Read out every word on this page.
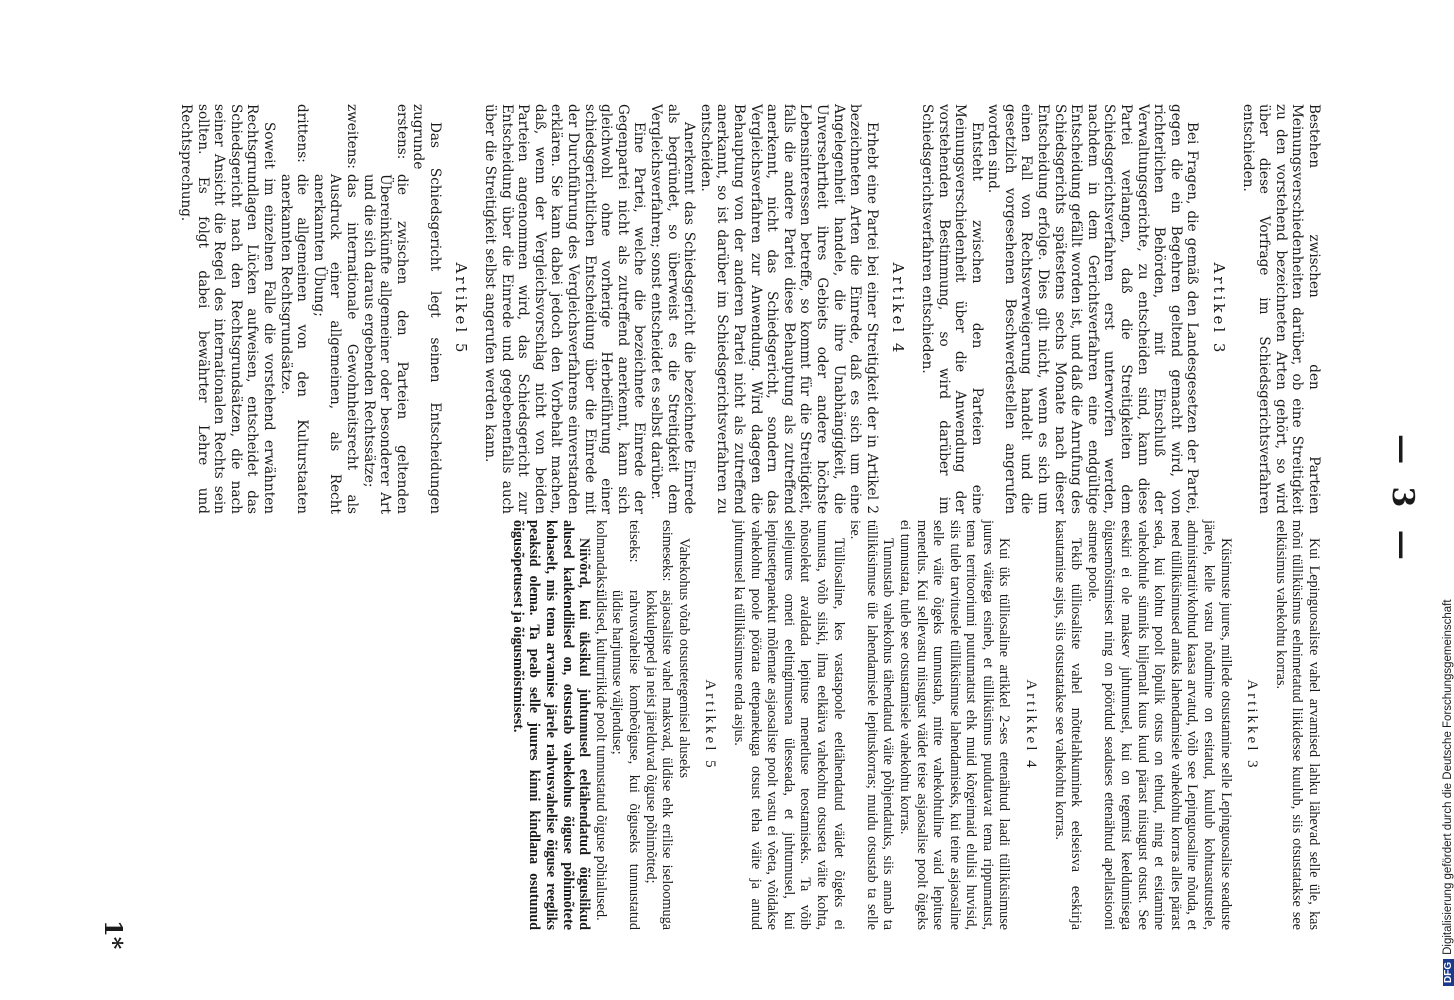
— 3 —

Bestehen zwischen den Parteien Meinungsverschiedenheiten darüber, ob eine Streitigkeit zu den vorstehend bezeichneten Arten gehört, so wird über diese Vorfrage im Schiedsgerichtsverfahren entschieden.

Artikel 3

Bei Fragen, die gemäß den Landesgesetzen der Partei, gegen die ein Begehren geltend gemacht wird, von richterlichen Behörden, mit Einschluß der Verwaltungsgerichte, zu entscheiden sind, kann diese Partei verlangen, daß die Streitigkeiten dem Schiedsgerichtsverfahren erst unterworfen werden, nachdem in dem Gerichtsverfahren eine endgültige Entscheidung gefällt worden ist, und daß die Anrufung des Schiedsgerichts spätestens sechs Monate nach dieser Entscheidung erfolge. Dies gilt nicht, wenn es sich um einen Fall von Rechtsverweigerung handelt und die gesetzlich vorgesehenen Beschwerdestellen angerufen worden sind.

Entsteht zwischen den Parteien eine Meinungsverschiedenheit über die Anwendung der vorstehenden Bestimmung, so wird darüber im Schiedsgerichtsverfahren entschieden.

Artikel 4

Erhebt eine Partei bei einer Streitigkeit der in Artikel 2 bezeichneten Arten die Einrede, daß es sich um eine Angelegenheit handele, die ihre Unabhängigkeit, die Unversehrtheit ihres Gebiets oder andere höchste Lebensinteressen betreffe, so kommt für die Streitigkeit, falls die andere Partei diese Behauptung als zutreffend anerkennt, nicht das Schiedsgericht, sondern das Vergleichsverfahren zur Anwendung. Wird dagegen die Behauptung von der anderen Partei nicht als zutreffend anerkannt, so ist darüber im Schiedsgerichtsverfahren zu entscheiden.

Anerkennt das Schiedsgericht die bezeichnete Einrede als begründet, so überweist es die Streitigkeit dem Vergleichsverfahren; sonst entscheidet es selbst darüber.

Eine Partei, welche die bezeichnete Einrede der Gegenpartei nicht als zutreffend anerkennt, kann sich gleichwohl ohne vorherige Herbeiführung einer schiedsgerichtlichen Entscheidung über die Einrede mit der Durchführung des Vergleichsverfahrens einverstanden erklären. Sie kann dabei jedoch den Vorbehalt machen, daß, wenn der Vergleichsvorschlag nicht von beiden Parteien angenommen wird, das Schiedsgericht zur Entscheidung über die Einrede und gegebenenfalls auch über die Streitigkeit selbst angerufen werden kann.

Artikel 5

Das Schiedsgericht legt seinen Entscheidungen zugrunde

erstens:die zwischen den Parteien geltenden Übereinkünfte allgemeiner oder besonderer Art und die sich daraus ergebenden Rechtssätze;

zweitens:das internationale Gewohnheitsrecht als Ausdruck einer allgemeinen, als Recht anerkannten Übung;

drittens:die allgemeinen von den Kulturstaaten anerkannten Rechtsgrundsätze.

Soweit im einzelnen Falle die vorstehend erwähnten Rechtsgrundlagen Lücken aufweisen, entscheidet das Schiedsgericht nach den Rechtsgrundsätzen, die nach seiner Ansicht die Regel des internationalen Rechts sein sollten. Es folgt dabei bewährter Lehre und Rechtsprechung.

Kui Lepinguosaliste vahel arvamised lahku lähevad selle üle, kas mõni tülliküsimus eelnimetatud liikidesse kuulub, siis otsustatakse see eelküsimus vahekohtu korras.

Artikkel 3

Küsimuste juures, millede otsustamine selle Lepinguosalise seaduste järele, kelle vastu nõudmine on esitatud, kuulub kohtuasutustele, administratiivkohtud kaasa arvatud, võib see Lepinguosaline nõuda, et need tülliküsimused antaks lahendamisele vahekohtu korras alles pärast seda, kui kohtu poolt lõpulik otsus on tehtud, ning et esitamine vahekohtule sünniks hiljemalt kuus kuud pärast niisugust otsust. See eeskiri ei ole maksev juhtumusel, kui on tegemist keeldumisega õigusemõistmisest ning on pöördud seaduses ettenähtud apellatsiooni astmete poole.

Tekib tülliosaliste vahel mõttelahkuminek eelseisva eeskirja kasutamise asjus, siis otsustatakse see vahekohtu korras.

Artikkel 4

Kui üks tülliosaline artikkel 2-ses ettenähtud laadi tülliküsimuse juures väitega esineb, et tülliküsimus puudutavat tema rippumatust, tema territooriumi puutumatust ehk muid kõrgeimaid elulisi huvisid, siis tuleb tarvitusele tülliküsimuse lahendamiseks, kui teine asjaosaline selle väite õigeks tunnustab, mitte vahekohtuline vaid lepituse menetlus. Kui sellevastu niisugust väidet teise asjaosalise poolt õigeks ei tunnustata, tuleb see otsustamisele vahekohtu korras.

Tunnustab vahekohus tähendatud väite põhjendatuks, siis annab ta tülliküsimuse üle lahendamisele lepituskorras; muidu otsustab ta selle ise.

Tülliosaline, kes vastaspoole eeltähendatud väidet õigeks ei tunnusta, võib siiski, ilma eelkäiva vahekohtu otsuseta väite kohta, nõusolekut avaldada lepituse menetluse teostamiseks. Ta võib sellejuures ometi eeltingimusena ülesseada, et juhtumusel, kui lepitusettepanekut mõlemate asjaosaliste poolt vastu ei võeta, võidakse vahekohtu poole pöörata ettepanekuga otsust teha väite ja antud juhtumusel ka tülliküsimuse enda asjus.

Artikkel 5

Vahekohus võtab otsustetegemisel aluseks

esimeseks:asjaosaliste vahel maksvad, üldise ehk erilise iseloomuga kokkulepped ja neist järelduvad õiguse põhimõtted;

teiseks:rahvusvahelise kombeõiguse, kui õiguseks tunnustatud üldise harjumuse väljenduse;

kolmandaks:üldised, kulturriikide poolt tunnustatud õiguse põhialused.

Niivõrd, kui üksikul juhtumusel eeltähendatud õiguslikud alused katkendilised on, otsustab vahekohus õiguse põhimõtete kohaselt, mis tema arvamise järele rahvusvahelise õiguse reegliks peaksid olema. Ta peab selle juures kinni kindlana osutunud õigusõpetusest ja õigusmõistmisest.

1*
DFGDigitalisierung gefördert durch die Deutsche Forschungsgemeinschaft
